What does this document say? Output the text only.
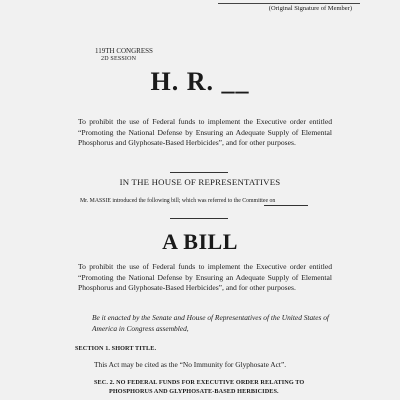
(Original Signature of Member)
119TH CONGRESS
2D SESSION
H. R. __
To prohibit the use of Federal funds to implement the Executive order entitled “Promoting the National Defense by Ensuring an Adequate Supply of Elemental Phosphorus and Glyphosate-Based Herbicides”, and for other purposes.
IN THE HOUSE OF REPRESENTATIVES
Mr. MASSIE introduced the following bill; which was referred to the Committee on
A BILL
To prohibit the use of Federal funds to implement the Executive order entitled “Promoting the National Defense by Ensuring an Adequate Supply of Elemental Phosphorus and Glyphosate-Based Herbicides”, and for other purposes.
Be it enacted by the Senate and House of Representatives of the United States of America in Congress assembled,
SECTION 1. SHORT TITLE.
This Act may be cited as the “No Immunity for Glyphosate Act”.
SEC. 2. NO FEDERAL FUNDS FOR EXECUTIVE ORDER RELATING TO PHOSPHORUS AND GLYPHOSATE-BASED HERBICIDES.
